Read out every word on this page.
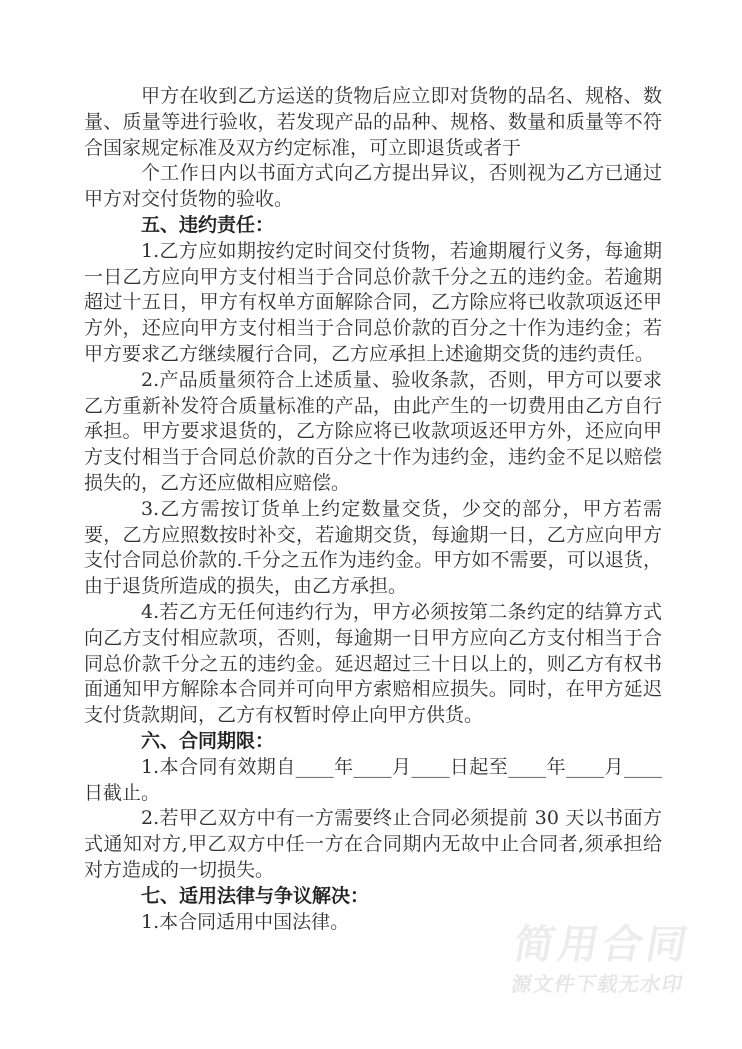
甲方在收到乙方运送的货物后应立即对货物的品名、规格、数量、质量等进行验收，若发现产品的品种、规格、数量和质量等不符合国家规定标准及双方约定标准，可立即退货或者于

个工作日内以书面方式向乙方提出异议，否则视为乙方已通过甲方对交付货物的验收。

五、违约责任：

1.乙方应如期按约定时间交付货物，若逾期履行义务，每逾期一日乙方应向甲方支付相当于合同总价款千分之五的违约金。若逾期超过十五日，甲方有权单方面解除合同，乙方除应将已收款项返还甲方外，还应向甲方支付相当于合同总价款的百分之十作为违约金；若甲方要求乙方继续履行合同，乙方应承担上述逾期交货的违约责任。

2.产品质量须符合上述质量、验收条款，否则，甲方可以要求乙方重新补发符合质量标准的产品，由此产生的一切费用由乙方自行承担。甲方要求退货的，乙方除应将已收款项返还甲方外，还应向甲方支付相当于合同总价款的百分之十作为违约金，违约金不足以赔偿损失的，乙方还应做相应赔偿。

3.乙方需按订货单上约定数量交货，少交的部分，甲方若需要，乙方应照数按时补交，若逾期交货，每逾期一日，乙方应向甲方支付合同总价款的.千分之五作为违约金。甲方如不需要，可以退货，由于退货所造成的损失，由乙方承担。

4.若乙方无任何违约行为，甲方必须按第二条约定的结算方式向乙方支付相应款项，否则，每逾期一日甲方应向乙方支付相当于合同总价款千分之五的违约金。延迟超过三十日以上的，则乙方有权书面通知甲方解除本合同并可向甲方索赔相应损失。同时，在甲方延迟支付货款期间，乙方有权暂时停止向甲方供货。

六、合同期限：

1.本合同有效期自____年____月____日起至____年____月____日截止。

2.若甲乙双方中有一方需要终止合同必须提前 30 天以书面方式通知对方,甲乙双方中任一方在合同期内无故中止合同者,须承担给对方造成的一切损失。

七、适用法律与争议解决：

1.本合同适用中国法律。

简用合同
源文件下载无水印
